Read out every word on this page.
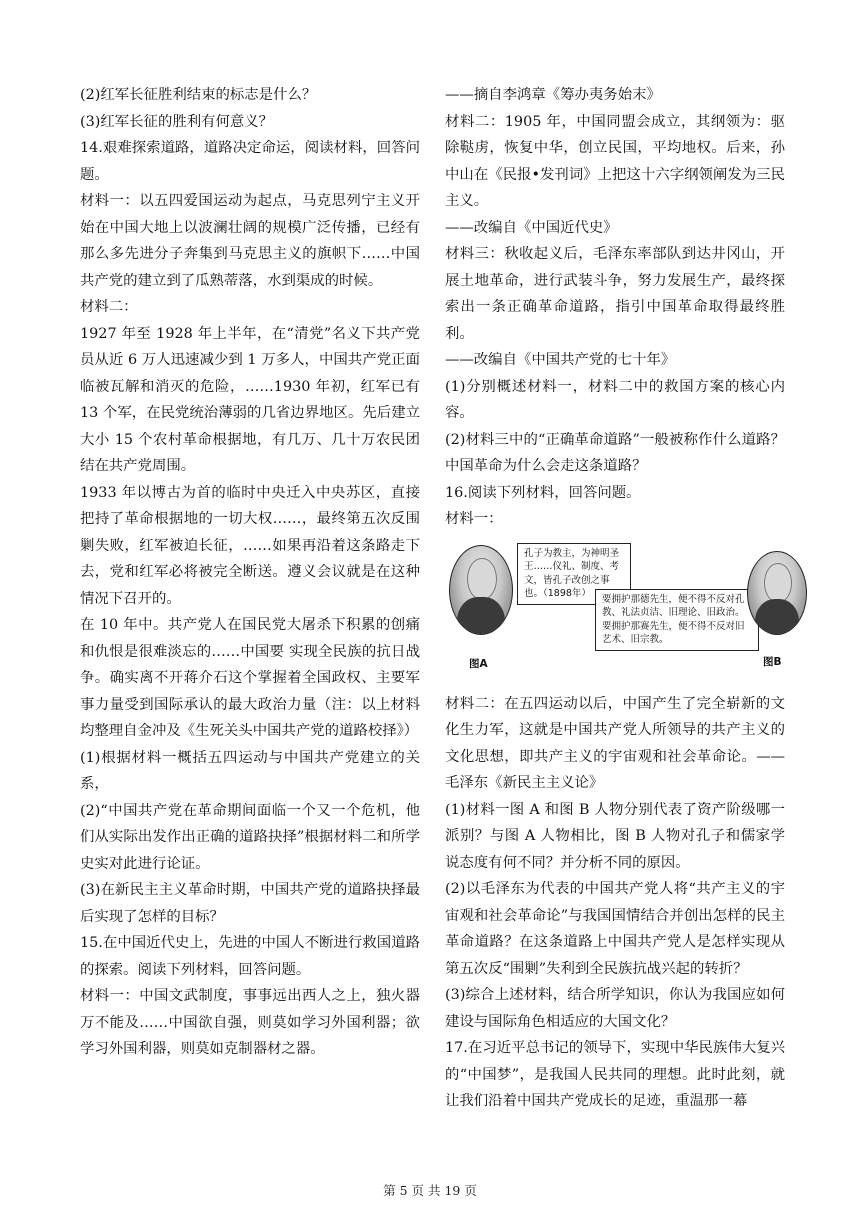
(2)红军长征胜利结束的标志是什么？

(3)红军长征的胜利有何意义？

14.艰难探索道路，道路决定命运，阅读材料，回答问题。

材料一：以五四爱国运动为起点，马克思列宁主义开始在中国大地上以波澜壮阔的规模广泛传播，已经有那么多先进分子奔集到马克思主义的旗帜下……中国共产党的建立到了瓜熟蒂落，水到渠成的时候。

材料二：

1927 年至 1928 年上半年，在“清党”名义下共产党员从近 6 万人迅速减少到 1 万多人，中国共产党正面临被瓦解和消灭的危险，……1930 年初，红军已有 13 个军，在民党统治薄弱的几省边界地区。先后建立大小 15 个农村革命根据地，有几万、几十万农民团结在共产党周围。

1933 年以博古为首的临时中央迁入中央苏区，直接把持了革命根据地的一切大权……，最终第五次反围剿失败，红军被迫长征，……如果再沿着这条路走下去，党和红军必将被完全断送。遵义会议就是在这种情况下召开的。

在 10 年中。共产党人在国民党大屠杀下积累的创痛和仇恨是很难淡忘的……中国要 实现全民族的抗日战争。确实离不开蒋介石这个掌握着全国政权、主要军事力量受到国际承认的最大政治力量（注：以上材料均整理自金冲及《生死关头中国共产党的道路校择》）

(1)根据材料一概括五四运动与中国共产党建立的关系，

(2)“中国共产党在革命期间面临一个又一个危机，他们从实际出发作出正确的道路抉择”根据材料二和所学史实对此进行论证。

(3)在新民主主义革命时期，中国共产党的道路抉择最后实现了怎样的目标？

15.在中国近代史上，先进的中国人不断进行救国道路的探索。阅读下列材料，回答问题。

材料一：中国文武制度，事事远出西人之上，独火器万不能及……中国欲自强，则莫如学习外国利器；欲学习外国利器，则莫如克制器材之器。

——摘自李鸿章《筹办夷务始末》

材料二：1905 年，中国同盟会成立，其纲领为：驱除鞑虏，恢复中华，创立民国，平均地权。后来，孙中山在《民报•发刊词》上把这十六字纲领阐发为三民主义。

——改编自《中国近代史》

材料三：秋收起义后，毛泽东率部队到达井冈山，开展土地革命，进行武装斗争，努力发展生产，最终探索出一条正确革命道路，指引中国革命取得最终胜利。

——改编自《中国共产党的七十年》

(1)分别概述材料一，材料二中的救国方案的核心内容。

(2)材料三中的“正确革命道路”一般被称作什么道路？中国革命为什么会走这条道路？

16.阅读下列材料，回答问题。

材料一：

孔子为教主，为神明圣王……仪礼、制度、考文，皆孔子改创之事也。（1898年）	要拥护那德先生，便不得不反对孔教、礼法贞洁、旧理论、旧政治。要拥护那赛先生，便不得不反对旧艺术、旧宗教。
图A	图B

材料二：在五四运动以后，中国产生了完全崭新的文化生力军，这就是中国共产党人所领导的共产主义的文化思想，即共产主义的宇宙观和社会革命论。——毛泽东《新民主主义论》

(1)材料一图 A 和图 B 人物分别代表了资产阶级哪一派别？与图 A 人物相比，图 B 人物对孔子和儒家学说态度有何不同？并分析不同的原因。

(2)以毛泽东为代表的中国共产党人将“共产主义的宇宙观和社会革命论”与我国国情结合并创出怎样的民主革命道路？在这条道路上中国共产党人是怎样实现从第五次反“围剿”失利到全民族抗战兴起的转折？

(3)综合上述材料，结合所学知识，你认为我国应如何建设与国际角色相适应的大国文化？

17.在习近平总书记的领导下，实现中华民族伟大复兴的“中国梦”，是我国人民共同的理想。此时此刻，就让我们沿着中国共产党成长的足迹，重温那一幕

第 5 页 共 19 页
